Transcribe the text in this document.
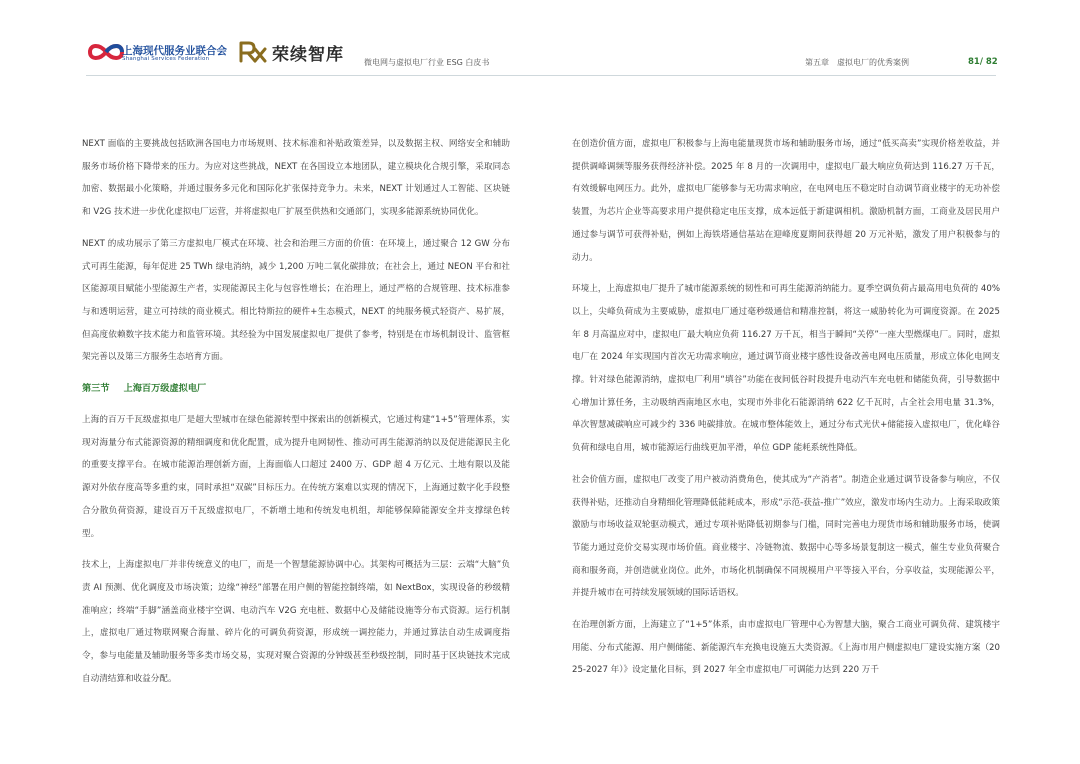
上海现代服务业联合会
Shanghai Services Federation	荣续智库	微电网与虚拟电厂行业 ESG 白皮书	第五章　虚拟电厂的优秀案例	81/ 82

NEXT 面临的主要挑战包括欧洲各国电力市场规则、技术标准和补贴政策差异，以及数据主权、网络安全和辅助服务市场价格下降带来的压力。为应对这些挑战，NEXT 在各国设立本地团队，建立模块化合规引擎，采取同态加密、数据最小化策略，并通过服务多元化和国际化扩张保持竞争力。未来，NEXT 计划通过人工智能、区块链和 V2G 技术进一步优化虚拟电厂运营，并将虚拟电厂扩展至供热和交通部门，实现多能源系统协同优化。

NEXT 的成功展示了第三方虚拟电厂模式在环境、社会和治理三方面的价值：在环境上，通过聚合 12 GW 分布式可再生能源，每年促进 25 TWh 绿电消纳，减少 1,200 万吨二氧化碳排放；在社会上，通过 NEON 平台和社区能源项目赋能小型能源生产者，实现能源民主化与包容性增长；在治理上，通过严格的合规管理、技术标准参与和透明运营，建立可持续的商业模式。相比特斯拉的硬件+生态模式，NEXT 的纯服务模式轻资产、易扩展，但高度依赖数字技术能力和监管环境。其经验为中国发展虚拟电厂提供了参考，特别是在市场机制设计、监管框架完善以及第三方服务生态培育方面。

第三节 上海百万级虚拟电厂

上海的百万千瓦级虚拟电厂是超大型城市在绿色能源转型中探索出的创新模式，它通过构建“1+5”管理体系，实现对海量分布式能源资源的精细调度和优化配置，成为提升电网韧性、推动可再生能源消纳以及促进能源民主化的重要支撑平台。在城市能源治理创新方面，上海面临人口超过 2400 万、GDP 超 4 万亿元、土地有限以及能源对外依存度高等多重约束，同时承担“双碳”目标压力。在传统方案难以实现的情况下，上海通过数字化手段整合分散负荷资源，建设百万千瓦级虚拟电厂，不新增土地和传统发电机组，却能够保障能源安全并支撑绿色转型。

技术上，上海虚拟电厂并非传统意义的电厂，而是一个智慧能源协调中心。其架构可概括为三层：云端“大脑”负责 AI 预测、优化调度及市场决策；边缘“神经”部署在用户侧的智能控制终端，如 NextBox，实现设备的秒级精准响应；终端“手脚”涵盖商业楼宇空调、电动汽车 V2G 充电桩、数据中心及储能设施等分布式资源。运行机制上，虚拟电厂通过物联网聚合海量、碎片化的可调负荷资源，形成统一调控能力，并通过算法自动生成调度指令，参与电能量及辅助服务等多类市场交易，实现对聚合资源的分钟级甚至秒级控制，同时基于区块链技术完成自动清结算和收益分配。

在创造价值方面，虚拟电厂积极参与上海电能量现货市场和辅助服务市场，通过“低买高卖”实现价格差收益，并提供调峰调频等服务获得经济补偿。2025 年 8 月的一次调用中，虚拟电厂最大响应负荷达到 116.27 万千瓦，有效缓解电网压力。此外，虚拟电厂能够参与无功需求响应，在电网电压不稳定时自动调节商业楼宇的无功补偿装置，为芯片企业等高要求用户提供稳定电压支撑，成本远低于新建调相机。激励机制方面，工商业及居民用户通过参与调节可获得补贴，例如上海铁塔通信基站在迎峰度夏期间获得超 20 万元补贴，激发了用户积极参与的动力。

环境上，上海虚拟电厂提升了城市能源系统的韧性和可再生能源消纳能力。夏季空调负荷占最高用电负荷的 40% 以上，尖峰负荷成为主要威胁，虚拟电厂通过毫秒级通信和精准控制，将这一威胁转化为可调度资源。在 2025 年 8 月高温应对中，虚拟电厂最大响应负荷 116.27 万千瓦，相当于瞬间“关停”一座大型燃煤电厂。同时，虚拟电厂在 2024 年实现国内首次无功需求响应，通过调节商业楼宇感性设备改善电网电压质量，形成立体化电网支撑。针对绿色能源消纳，虚拟电厂利用“填谷”功能在夜间低谷时段提升电动汽车充电桩和储能负荷，引导数据中心增加计算任务，主动吸纳西南地区水电，实现市外非化石能源消纳 622 亿千瓦时，占全社会用电量 31.3%，单次智慧减碳响应可减少约 336 吨碳排放。在城市整体能效上，通过分布式光伏+储能接入虚拟电厂，优化峰谷负荷和绿电自用，城市能源运行曲线更加平滑，单位 GDP 能耗系统性降低。

社会价值方面，虚拟电厂改变了用户被动消费角色，使其成为“产消者”。制造企业通过调节设备参与响应，不仅获得补贴，还推动自身精细化管理降低能耗成本，形成“示范-获益-推广”效应，激发市场内生动力。上海采取政策激励与市场收益双轮驱动模式，通过专项补贴降低初期参与门槛，同时完善电力现货市场和辅助服务市场，使调节能力通过竞价交易实现市场价值。商业楼宇、冷链物流、数据中心等多场景复制这一模式，催生专业负荷聚合商和服务商，并创造就业岗位。此外，市场化机制确保不同规模用户平等接入平台，分享收益，实现能源公平，并提升城市在可持续发展领域的国际话语权。

在治理创新方面，上海建立了“1+5”体系，由市虚拟电厂管理中心为智慧大脑，聚合工商业可调负荷、建筑楼宇用能、分布式能源、用户侧储能、新能源汽车充换电设施五大类资源。《上海市用户侧虚拟电厂建设实施方案（2025-2027 年）》设定量化目标，到 2027 年全市虚拟电厂可调能力达到 220 万千
